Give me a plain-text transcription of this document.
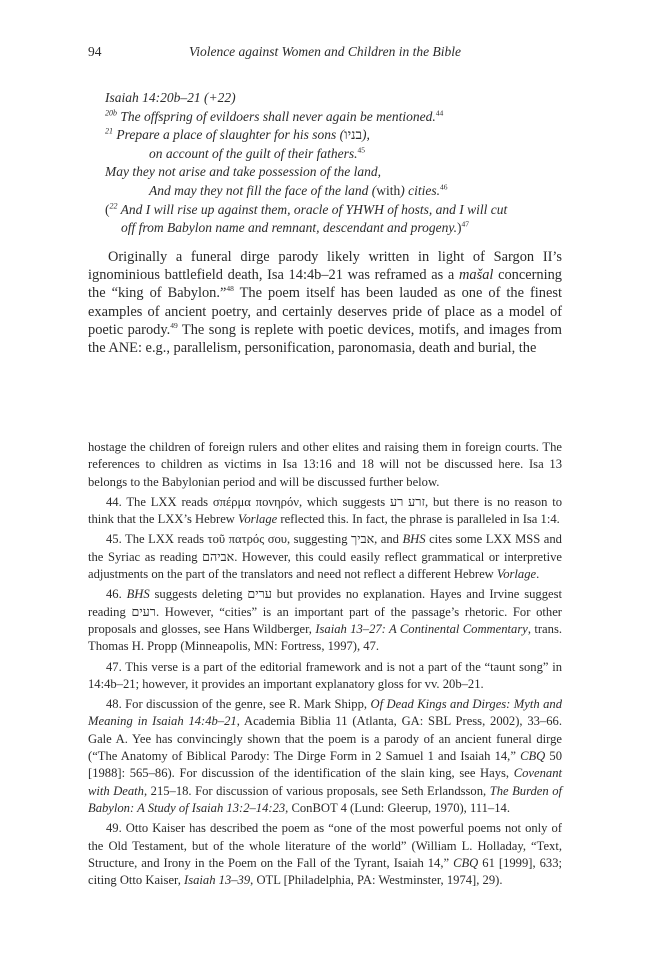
94	Violence against Women and Children in the Bible
Isaiah 14:20b–21 (+22)
$^{20b}$ The offspring of evildoers shall never again be mentioned.$^{44}$
$^{21}$ Prepare a place of slaughter for his sons (בניו),
on account of the guilt of their fathers.$^{45}$
May they not arise and take possession of the land,
And may they not fill the face of the land (with) cities.$^{46}$
($^{22}$ And I will rise up against them, oracle of YHWH of hosts, and I will cut
off from Babylon name and remnant, descendant and progeny.)$^{47}$

Originally a funeral dirge parody likely written in light of Sargon II’s ignominious battlefield death, Isa 14:4b–21 was reframed as a mašal concerning the “king of Babylon.”$^{48}$ The poem itself has been lauded as one of the finest examples of ancient poetry, and certainly deserves pride of place as a model of poetic parody.$^{49}$ The song is replete with poetic devices, motifs, and images from the ANE: e.g., parallelism, personification, paronomasia, death and burial, the

hostage the children of foreign rulers and other elites and raising them in foreign courts. The references to children as victims in Isa 13:16 and 18 will not be discussed here. Isa 13 belongs to the Babylonian period and will be discussed further below.

44. The LXX reads σπέρμα πονηρόν, which suggests זרע רע, but there is no reason to think that the LXX’s Hebrew Vorlage reflected this. In fact, the phrase is paralleled in Isa 1:4.

45. The LXX reads τοῦ πατρός σου, suggesting אביך, and BHS cites some LXX MSS and the Syriac as reading אביהם. However, this could easily reflect grammatical or interpretive adjustments on the part of the translators and need not reflect a different Hebrew Vorlage.

46. BHS suggests deleting ערים but provides no explanation. Hayes and Irvine suggest reading רעים. However, “cities” is an important part of the passage’s rhetoric. For other proposals and glosses, see Hans Wildberger, Isaiah 13–27: A Continental Commentary, trans. Thomas H. Propp (Minneapolis, MN: Fortress, 1997), 47.

47. This verse is a part of the editorial framework and is not a part of the “taunt song” in 14:4b–21; however, it provides an important explanatory gloss for vv. 20b–21.

48. For discussion of the genre, see R. Mark Shipp, Of Dead Kings and Dirges: Myth and Meaning in Isaiah 14:4b–21, Academia Biblia 11 (Atlanta, GA: SBL Press, 2002), 33–66. Gale A. Yee has convincingly shown that the poem is a parody of an ancient funeral dirge (“The Anatomy of Biblical Parody: The Dirge Form in 2 Samuel 1 and Isaiah 14,” CBQ 50 [1988]: 565–86). For discussion of the identification of the slain king, see Hays, Covenant with Death, 215–18. For discussion of various proposals, see Seth Erlandsson, The Burden of Babylon: A Study of Isaiah 13:2–14:23, ConBOT 4 (Lund: Gleerup, 1970), 111–14.

49. Otto Kaiser has described the poem as “one of the most powerful poems not only of the Old Testament, but of the whole literature of the world” (William L. Holladay, “Text, Structure, and Irony in the Poem on the Fall of the Tyrant, Isaiah 14,” CBQ 61 [1999], 633; citing Otto Kaiser, Isaiah 13–39, OTL [Philadelphia, PA: Westminster, 1974], 29).
